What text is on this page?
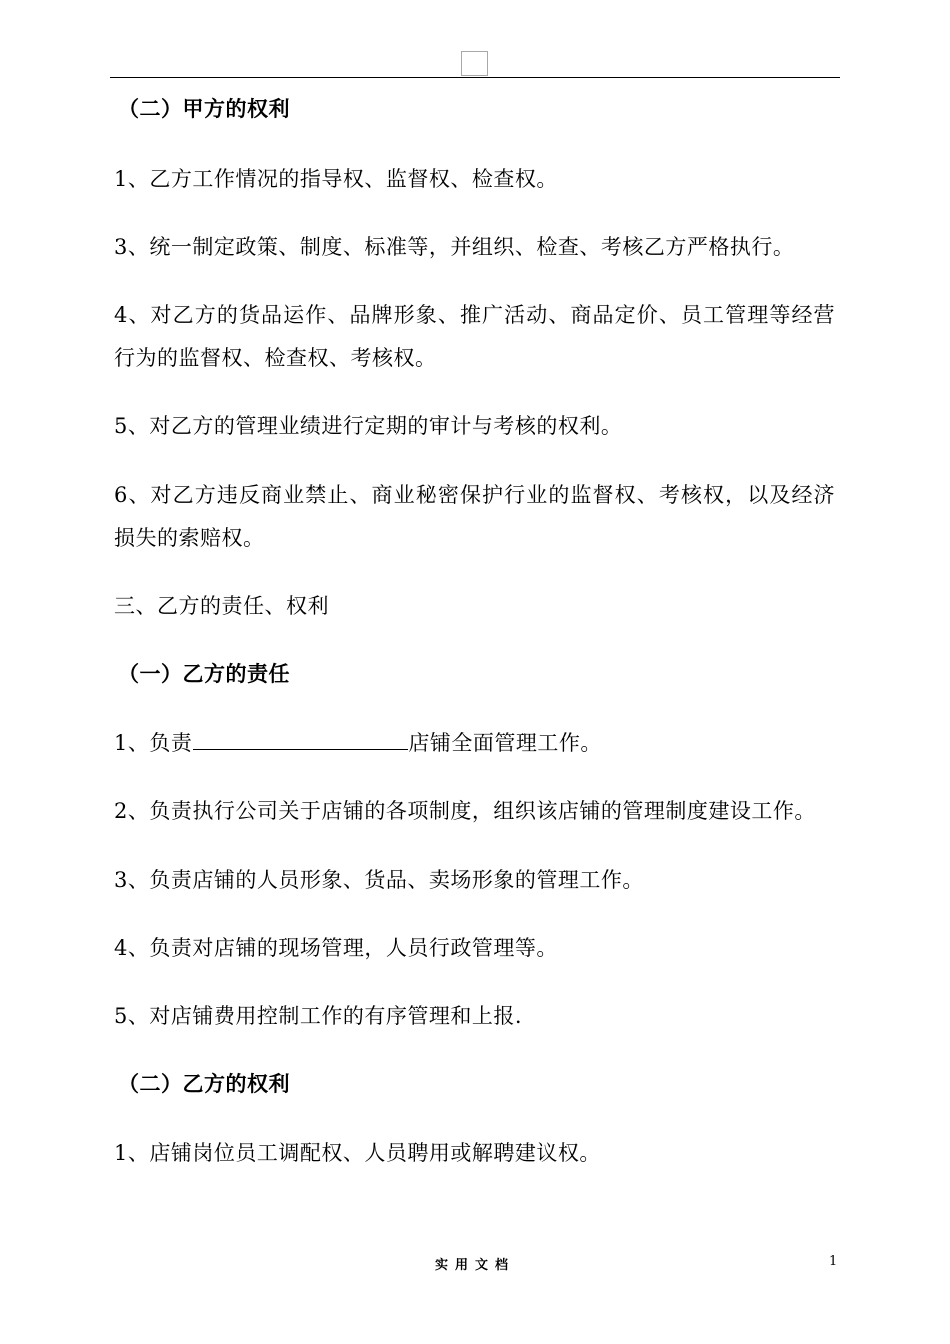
（二）甲方的权利
1、乙方工作情况的指导权、监督权、检查权。
3、统一制定政策、制度、标准等，并组织、检查、考核乙方严格执行。
4、对乙方的货品运作、品牌形象、推广活动、商品定价、员工管理等经营
行为的监督权、检查权、考核权。
5、对乙方的管理业绩进行定期的审计与考核的权利。
6、对乙方违反商业禁止、商业秘密保护行业的监督权、考核权，以及经济
损失的索赔权。
三、乙方的责任、权利
（一）乙方的责任
1、负责	店铺全面管理工作。
2、负责执行公司关于店铺的各项制度，组织该店铺的管理制度建设工作。
3、负责店铺的人员形象、货品、卖场形象的管理工作。
4、负责对店铺的现场管理，人员行政管理等。
5、对店铺费用控制工作的有序管理和上报.
（二）乙方的权利
1、店铺岗位员工调配权、人员聘用或解聘建议权。
实用文档	1
